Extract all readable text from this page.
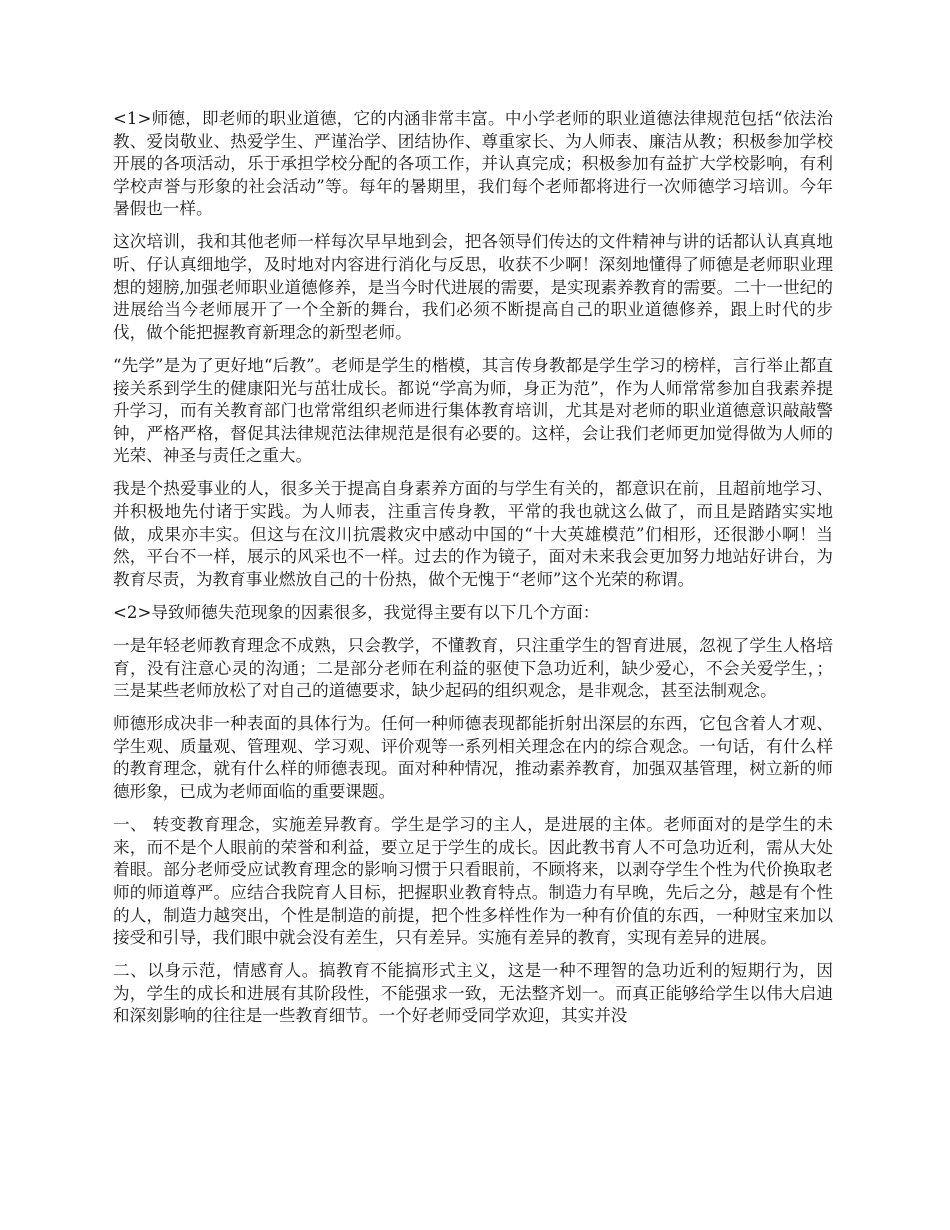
<1>师德，即老师的职业道德，它的内涵非常丰富。中小学老师的职业道德法律规范包括“依法治教、爱岗敬业、热爱学生、严谨治学、团结协作、尊重家长、为人师表、廉洁从教；积极参加学校开展的各项活动，乐于承担学校分配的各项工作，并认真完成；积极参加有益扩大学校影响，有利学校声誉与形象的社会活动”等。每年的暑期里，我们每个老师都将进行一次师德学习培训。今年暑假也一样。

这次培训，我和其他老师一样每次早早地到会，把各领导们传达的文件精神与讲的话都认认真真地听、仔认真细地学，及时地对内容进行消化与反思，收获不少啊！深刻地懂得了师德是老师职业理想的翅膀,加强老师职业道德修养，是当今时代进展的需要，是实现素养教育的需要。二十一世纪的进展给当今老师展开了一个全新的舞台，我们必须不断提高自己的职业道德修养，跟上时代的步伐，做个能把握教育新理念的新型老师。

“先学”是为了更好地“后教”。老师是学生的楷模，其言传身教都是学生学习的榜样，言行举止都直接关系到学生的健康阳光与茁壮成长。都说“学高为师，身正为范”，作为人师常常参加自我素养提升学习，而有关教育部门也常常组织老师进行集体教育培训，尤其是对老师的职业道德意识敲敲警钟，严格严格，督促其法律规范法律规范是很有必要的。这样，会让我们老师更加觉得做为人师的光荣、神圣与责任之重大。

我是个热爱事业的人，很多关于提高自身素养方面的与学生有关的，都意识在前，且超前地学习、并积极地先付诸于实践。为人师表，注重言传身教，平常的我也就这么做了，而且是踏踏实实地做，成果亦丰实。但这与在汶川抗震救灾中感动中国的“十大英雄模范”们相形，还很渺小啊！当然，平台不一样，展示的风采也不一样。过去的作为镜子，面对未来我会更加努力地站好讲台，为教育尽责，为教育事业燃放自己的十份热，做个无愧于“老师”这个光荣的称谓。

<2>导致师德失范现象的因素很多，我觉得主要有以下几个方面：

一是年轻老师教育理念不成熟，只会教学，不懂教育，只注重学生的智育进展，忽视了学生人格培育，没有注意心灵的沟通；二是部分老师在利益的驱使下急功近利，缺少爱心，不会关爱学生，；三是某些老师放松了对自己的道德要求，缺少起码的组织观念，是非观念，甚至法制观念。

师德形成决非一种表面的具体行为。任何一种师德表现都能折射出深层的东西，它包含着人才观、学生观、质量观、管理观、学习观、评价观等一系列相关理念在内的综合观念。一句话，有什么样的教育理念，就有什么样的师德表现。面对种种情况，推动素养教育，加强双基管理，树立新的师德形象，已成为老师面临的重要课题。

一、 转变教育理念，实施差异教育。学生是学习的主人，是进展的主体。老师面对的是学生的未来，而不是个人眼前的荣誉和利益，要立足于学生的成长。因此教书育人不可急功近利，需从大处着眼。部分老师受应试教育理念的影响习惯于只看眼前，不顾将来，以剥夺学生个性为代价换取老师的师道尊严。应结合我院育人目标，把握职业教育特点。制造力有早晚，先后之分，越是有个性的人，制造力越突出，个性是制造的前提，把个性多样性作为一种有价值的东西，一种财宝来加以接受和引导，我们眼中就会没有差生，只有差异。实施有差异的教育，实现有差异的进展。

二、以身示范，情感育人。搞教育不能搞形式主义，这是一种不理智的急功近利的短期行为，因为，学生的成长和进展有其阶段性，不能强求一致，无法整齐划一。而真正能够给学生以伟大启迪和深刻影响的往往是一些教育细节。一个好老师受同学欢迎，其实并没
